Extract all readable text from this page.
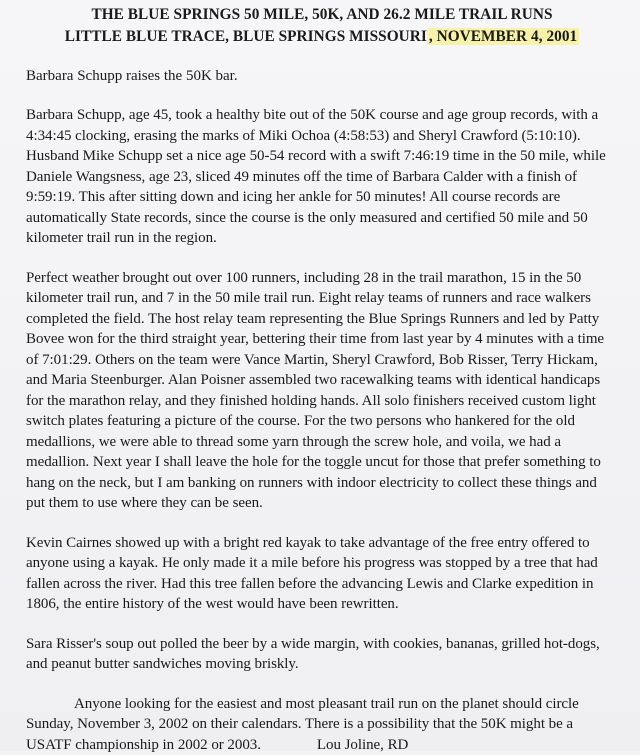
THE BLUE SPRINGS 50 MILE, 50K, AND 26.2 MILE TRAIL RUNS
LITTLE BLUE TRACE, BLUE SPRINGS MISSOURI , NOVEMBER 4, 2001
Barbara Schupp raises the 50K bar.

Barbara Schupp, age 45, took a healthy bite out of the 50K course and age group records, with a 4:34:45 clocking, erasing the marks of Miki Ochoa (4:58:53) and Sheryl Crawford (5:10:10). Husband Mike Schupp set a nice age 50-54 record with a swift 7:46:19 time in the 50 mile, while Daniele Wangsness, age 23, sliced 49 minutes off the time of Barbara Calder with a finish of 9:59:19. This after sitting down and icing her ankle for 50 minutes! All course records are automatically State records, since the course is the only measured and certified 50 mile and 50 kilometer trail run in the region.

Perfect weather brought out over 100 runners, including 28 in the trail marathon, 15 in the 50 kilometer trail run, and 7 in the 50 mile trail run. Eight relay teams of runners and race walkers completed the field. The host relay team representing the Blue Springs Runners and led by Patty Bovee won for the third straight year, bettering their time from last year by 4 minutes with a time of 7:01:29. Others on the team were Vance Martin, Sheryl Crawford, Bob Risser, Terry Hickam, and Maria Steenburger. Alan Poisner assembled two racewalking teams with identical handicaps for the marathon relay, and they finished holding hands. All solo finishers received custom light switch plates featuring a picture of the course. For the two persons who hankered for the old medallions, we were able to thread some yarn through the screw hole, and voila, we had a medallion. Next year I shall leave the hole for the toggle uncut for those that prefer something to hang on the neck, but I am banking on runners with indoor electricity to collect these things and put them to use where they can be seen.

Kevin Cairnes showed up with a bright red kayak to take advantage of the free entry offered to anyone using a kayak. He only made it a mile before his progress was stopped by a tree that had fallen across the river. Had this tree fallen before the advancing Lewis and Clarke expedition in 1806, the entire history of the west would have been rewritten.

Sara Risser's soup out polled the beer by a wide margin, with cookies, bananas, grilled hot-dogs, and peanut butter sandwiches moving briskly.

Anyone looking for the easiest and most pleasant trail run on the planet should circle Sunday, November 3, 2002 on their calendars. There is a possibility that the 50K might be a USATF championship in 2002 or 2003.	Lou Joline, RD
